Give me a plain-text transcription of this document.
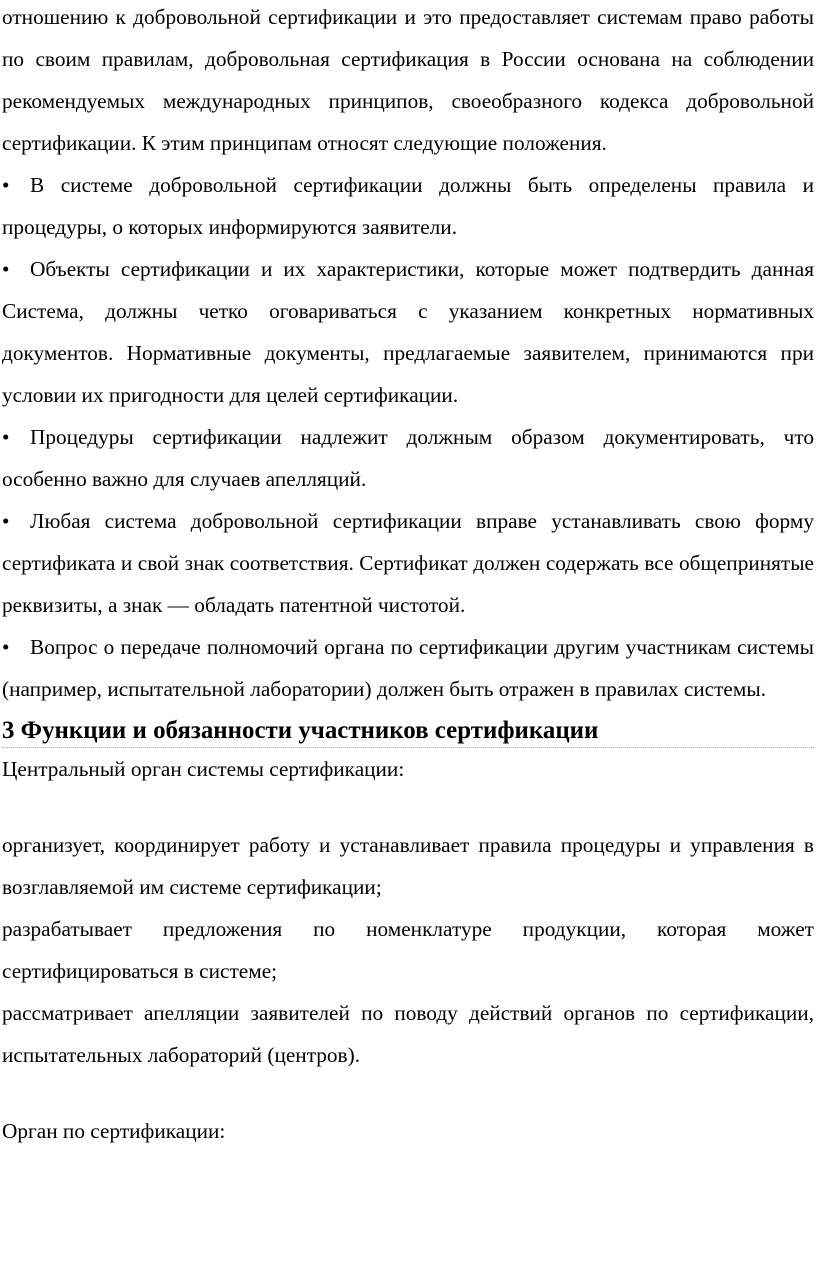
отношению к добровольной сертификации и это предоставляет системам право работы по своим правилам, добровольная сертификация в России основана на соблюдении рекомендуемых международных принципов, своеобразного кодекса добровольной сертификации. К этим принципам относят следующие положения.

• В системе добровольной сертификации должны быть определены правила и процедуры, о которых информируются заявители.

• Объекты сертификации и их характеристики, которые может подтвердить данная Система, должны четко оговариваться с указанием конкретных нормативных документов. Нормативные документы, предлагаемые заявителем, принимаются при условии их пригодности для целей сертификации.

• Процедуры сертификации надлежит должным образом документировать, что особенно важно для случаев апелляций.

• Любая система добровольной сертификации вправе устанавливать свою форму сертификата и свой знак соответствия. Сертификат должен содержать все общепринятые реквизиты, а знак — обладать патентной чистотой.

• Вопрос о передаче полномочий органа по сертификации другим участникам системы (например, испытательной лаборатории) должен быть отражен в правилах системы.

3 Функции и обязанности участников сертификации

Центральный орган системы сертификации:

организует, координирует работу и устанавливает правила процедуры и управления в возглавляемой им системе сертификации;

разрабатывает предложения по номенклатуре продукции, которая может сертифицироваться в системе;

рассматривает апелляции заявителей по поводу действий органов по сертификации, испытательных лабораторий (центров).

Орган по сертификации:
